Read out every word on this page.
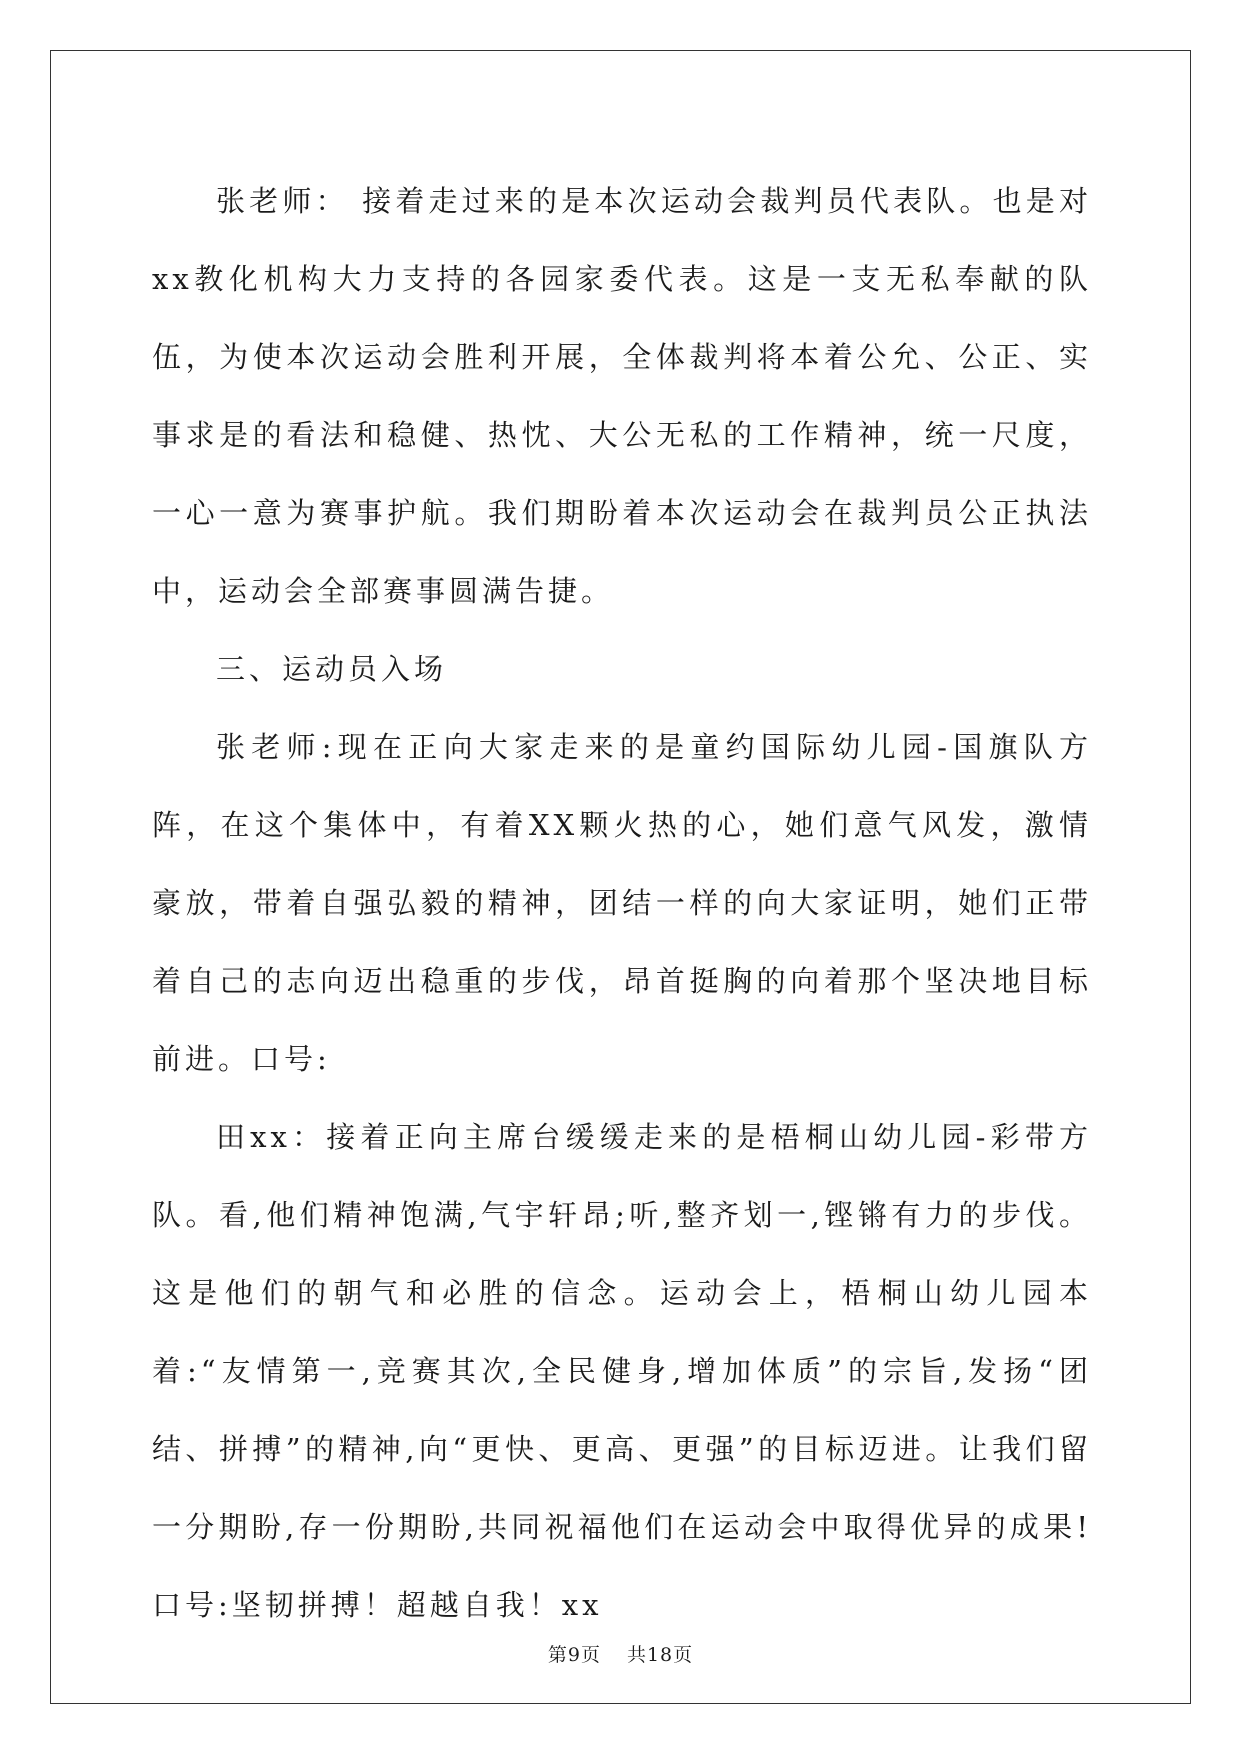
张老师： 接着走过来的是本次运动会裁判员代表队。也是对xx教化机构大力支持的各园家委代表。这是一支无私奉献的队伍，为使本次运动会胜利开展，全体裁判将本着公允、公正、实事求是的看法和稳健、热忱、大公无私的工作精神，统一尺度，一心一意为赛事护航。我们期盼着本次运动会在裁判员公正执法中，运动会全部赛事圆满告捷。

三、运动员入场

张老师:现在正向大家走来的是童约国际幼儿园-国旗队方阵，在这个集体中，有着XX颗火热的心，她们意气风发，激情豪放，带着自强弘毅的精神，团结一样的向大家证明，她们正带着自己的志向迈出稳重的步伐，昂首挺胸的向着那个坚决地目标前进。口号:

田xx：接着正向主席台缓缓走来的是梧桐山幼儿园-彩带方队。看,他们精神饱满,气宇轩昂;听,整齐划一,铿锵有力的步伐。这是他们的朝气和必胜的信念。运动会上，梧桐山幼儿园本着:“友情第一,竞赛其次,全民健身,增加体质”的宗旨,发扬“团结、拼搏”的精神,向“更快、更高、更强”的目标迈进。让我们留一分期盼,存一份期盼,共同祝福他们在运动会中取得优异的成果!口号:坚韧拼搏！超越自我！xx

第9页 共18页
